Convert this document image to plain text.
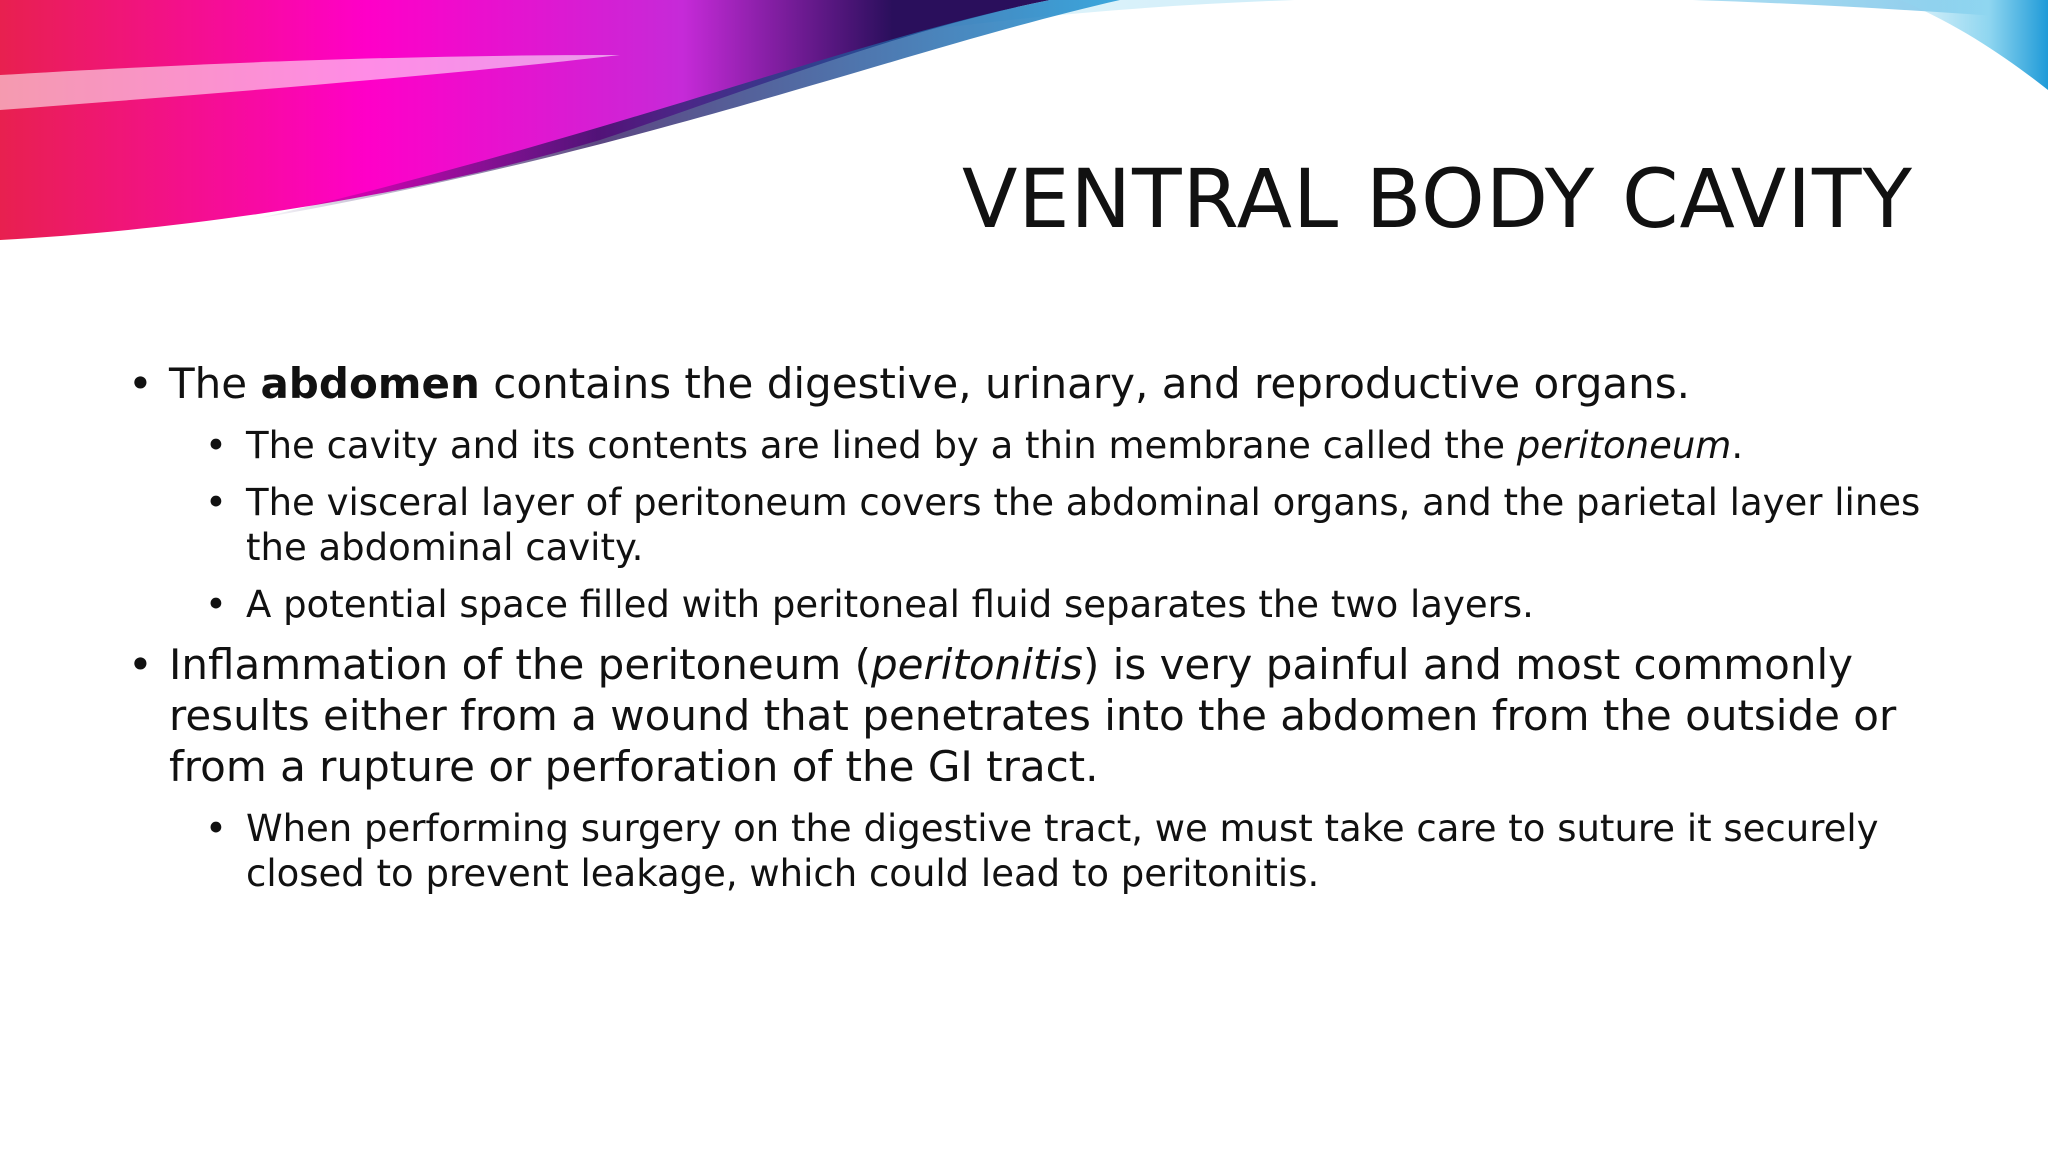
VENTRAL BODY CAVITY
• The abdomen contains the digestive, urinary, and reproductive organs.
• The cavity and its contents are lined by a thin membrane called the peritoneum.
• The visceral layer of peritoneum covers the abdominal organs, and the parietal layer lines the abdominal cavity.
• A potential space filled with peritoneal fluid separates the two layers.
• Inflammation of the peritoneum (peritonitis) is very painful and most commonly results either from a wound that penetrates into the abdomen from the outside or from a rupture or perforation of the GI tract.
• When performing surgery on the digestive tract, we must take care to suture it securely closed to prevent leakage, which could lead to peritonitis.
